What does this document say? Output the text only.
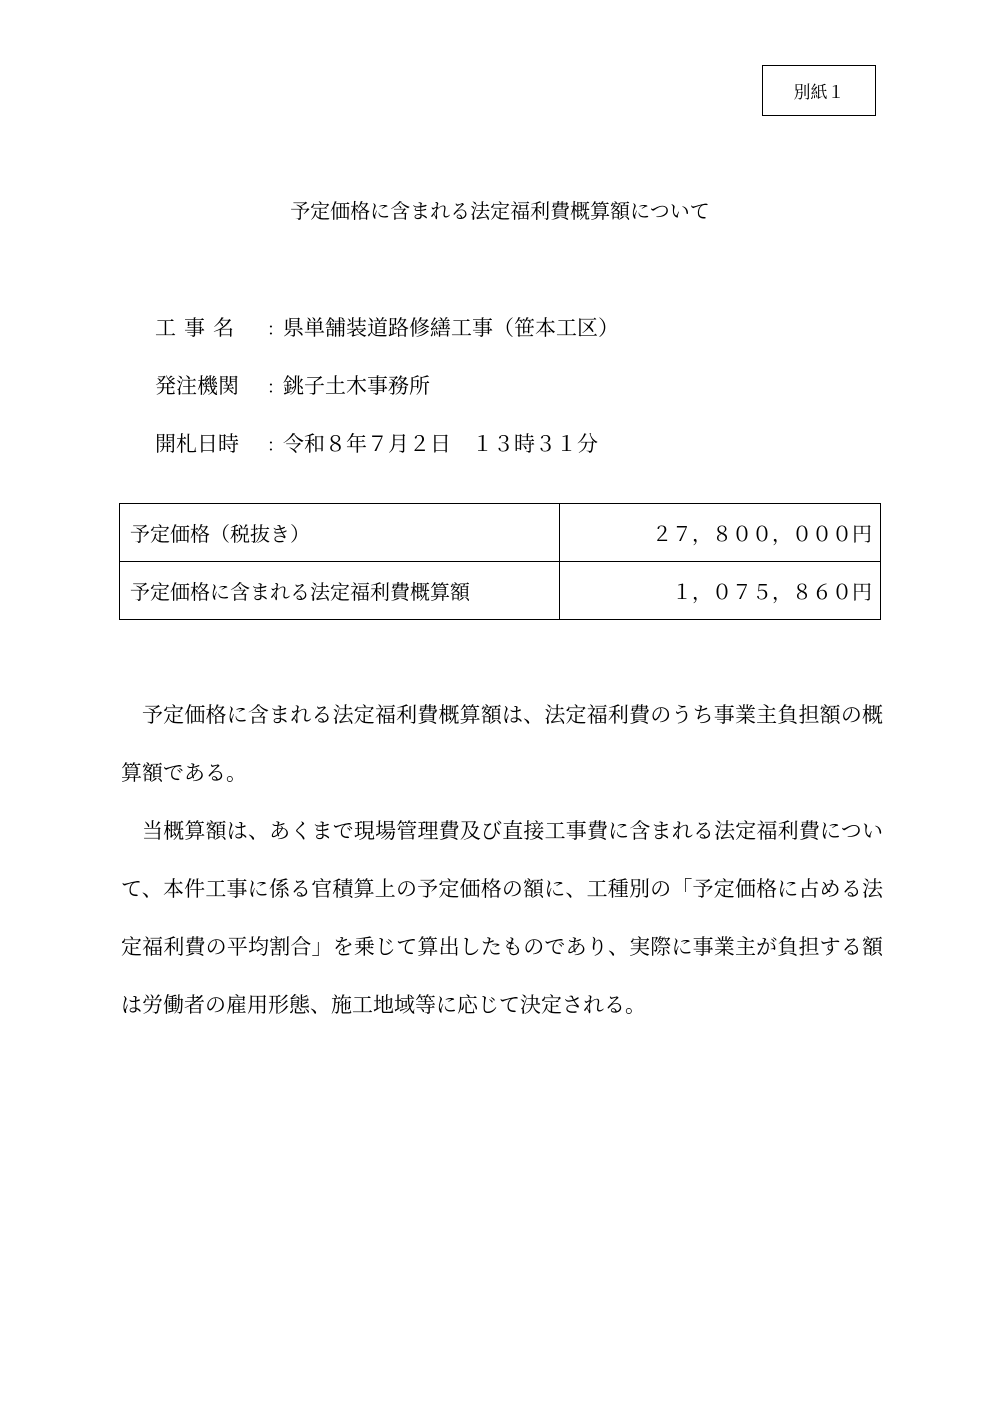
別紙１
予定価格に含まれる法定福利費概算額について
工事名 ：県単舗装道路修繕工事（笹本工区）
発注機関 ：銚子土木事務所
開札日時 ：令和８年７月２日　１３時３１分
予定価格（税抜き）	２７，８００，０００円
予定価格に含まれる法定福利費概算額	１，０７５，８６０円

予定価格に含まれる法定福利費概算額は、法定福利費のうち事業主負担額の概算額である。

当概算額は、あくまで現場管理費及び直接工事費に含まれる法定福利費について、本件工事に係る官積算上の予定価格の額に、工種別の「予定価格に占める法定福利費の平均割合」を乗じて算出したものであり、実際に事業主が負担する額は労働者の雇用形態、施工地域等に応じて決定される。
